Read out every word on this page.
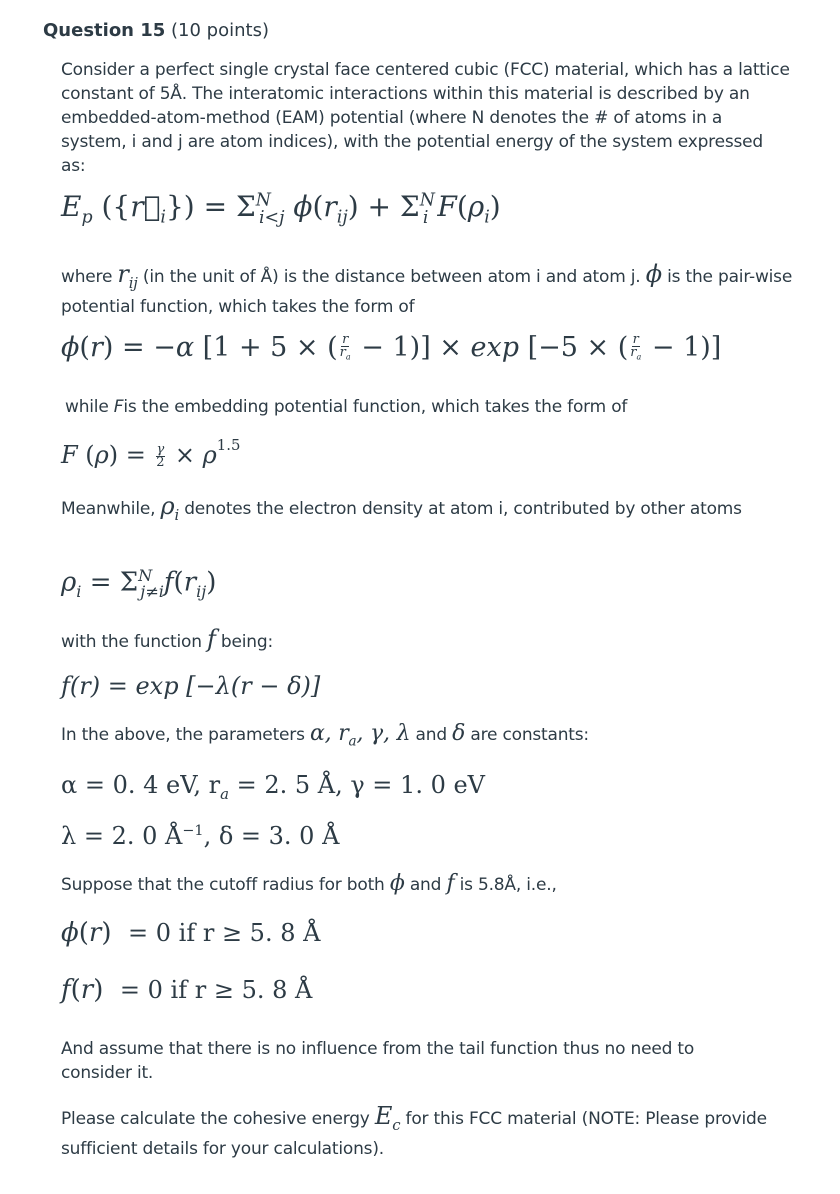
Question 15 (10 points)
Consider a perfect single crystal face centered cubic (FCC) material, which has a lattice constant of 5Å. The interatomic interactions within this material is described by an embedded-atom-method (EAM) potential (where N denotes the # of atoms in a system, i and j are atom indices), with the potential energy of the system expressed as:
$E_p$ $(\{r⃗_i\}) = \Sigma^N_{i<j}$ $\phi(r_{ij}) + \Sigma^N_i$ $F(\rho_i)$
where $r_{ij}$ (in the unit of Å) is the distance between atom i and atom j. ϕ is the pair-wise potential function, which takes the form of
ϕ(r) = −α [1 + 5 × ( $\frac{r}{r_a} - 1)] \times \exp [-5$ × ( $\frac{r}{r_a} - 1$)]
while Fis the embedding potential function, which takes the form of
F $(\rho) = \frac{\gamma}{2} \times \rho^{1.5}$
Meanwhile, $\rho_i$ denotes the electron density at atom i, contributed by other atoms
$\rho_i = \Sigma^N_{j\ne i}f(r_{ij})$
with the function f being:
f(r) = exp [−λ(r − δ)]
In the above, the parameters α, $r_a$, γ, λ and δ are constants:
α = 0. 4 eV, $r_a = 2$. 5 Å, γ = 1. 0 eV
λ = 2. 0 $Å^{-1}$, δ = 3. 0 Å
Suppose that the cutoff radius for both ϕ and f is 5.8Å, i.e.,
ϕ(r)  = 0 if r ≥ 5. 8 Å
f(r)  = 0 if r ≥ 5. 8 Å
And assume that there is no influence from the tail function thus no need to consider it.
Please calculate the cohesive energy $E_c$ for this FCC material (NOTE: Please provide sufficient details for your calculations).
